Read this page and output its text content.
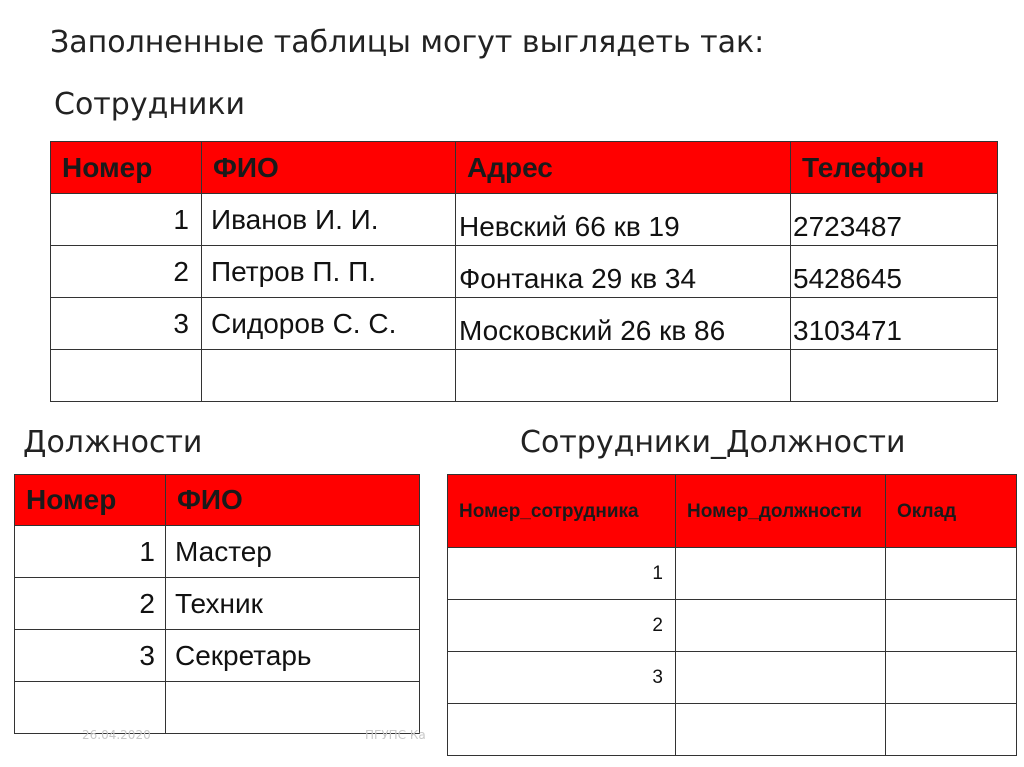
Заполненные таблицы могут выглядеть так:
Сотрудники
Номер	ФИО	Адрес	Телефон
1	Иванов И. И.	Невский 66 кв 19	2723487
2	Петров П. П.	Фонтанка 29 кв 34	5428645
3	Сидоров С. С.	Московский 26 кв 86	3103471

Должности	Сотрудники_Должности
Номер	ФИО
1	Мастер
2	Техник
3	Секретарь

Номер_сотрудника	Номер_должности	Оклад
1		
2		
3		

26.04.2020	ПГУПС Ка
